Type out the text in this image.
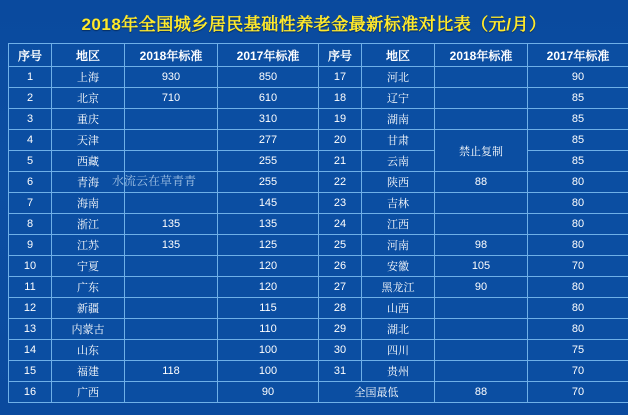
2018年全国城乡居民基础性养老金最新标准对比表（元/月）
序号	地区	2018年标准	2017年标准	序号	地区	2018年标准	2017年标准
1	上海	930	850	17	河北		90
2	北京	710	610	18	辽宁		85
3	重庆		310	19	湖南		85
4	天津		277	20	甘肃	禁止复制	85
5	西藏		255	21	云南		85
6	青海		255	22	陕西	88	80
7	海南		145	23	吉林		80
8	浙江	135	135	24	江西		80
9	江苏	135	125	25	河南	98	80
10	宁夏		120	26	安徽	105	70
11	广东		120	27	黑龙江	90	80
12	新疆		115	28	山西		80
13	内蒙古		110	29	湖北		80
14	山东		100	30	四川		75
15	福建	118	100	31	贵州		70
16	广西		90	全国最低		88	70
水流云在草青青
